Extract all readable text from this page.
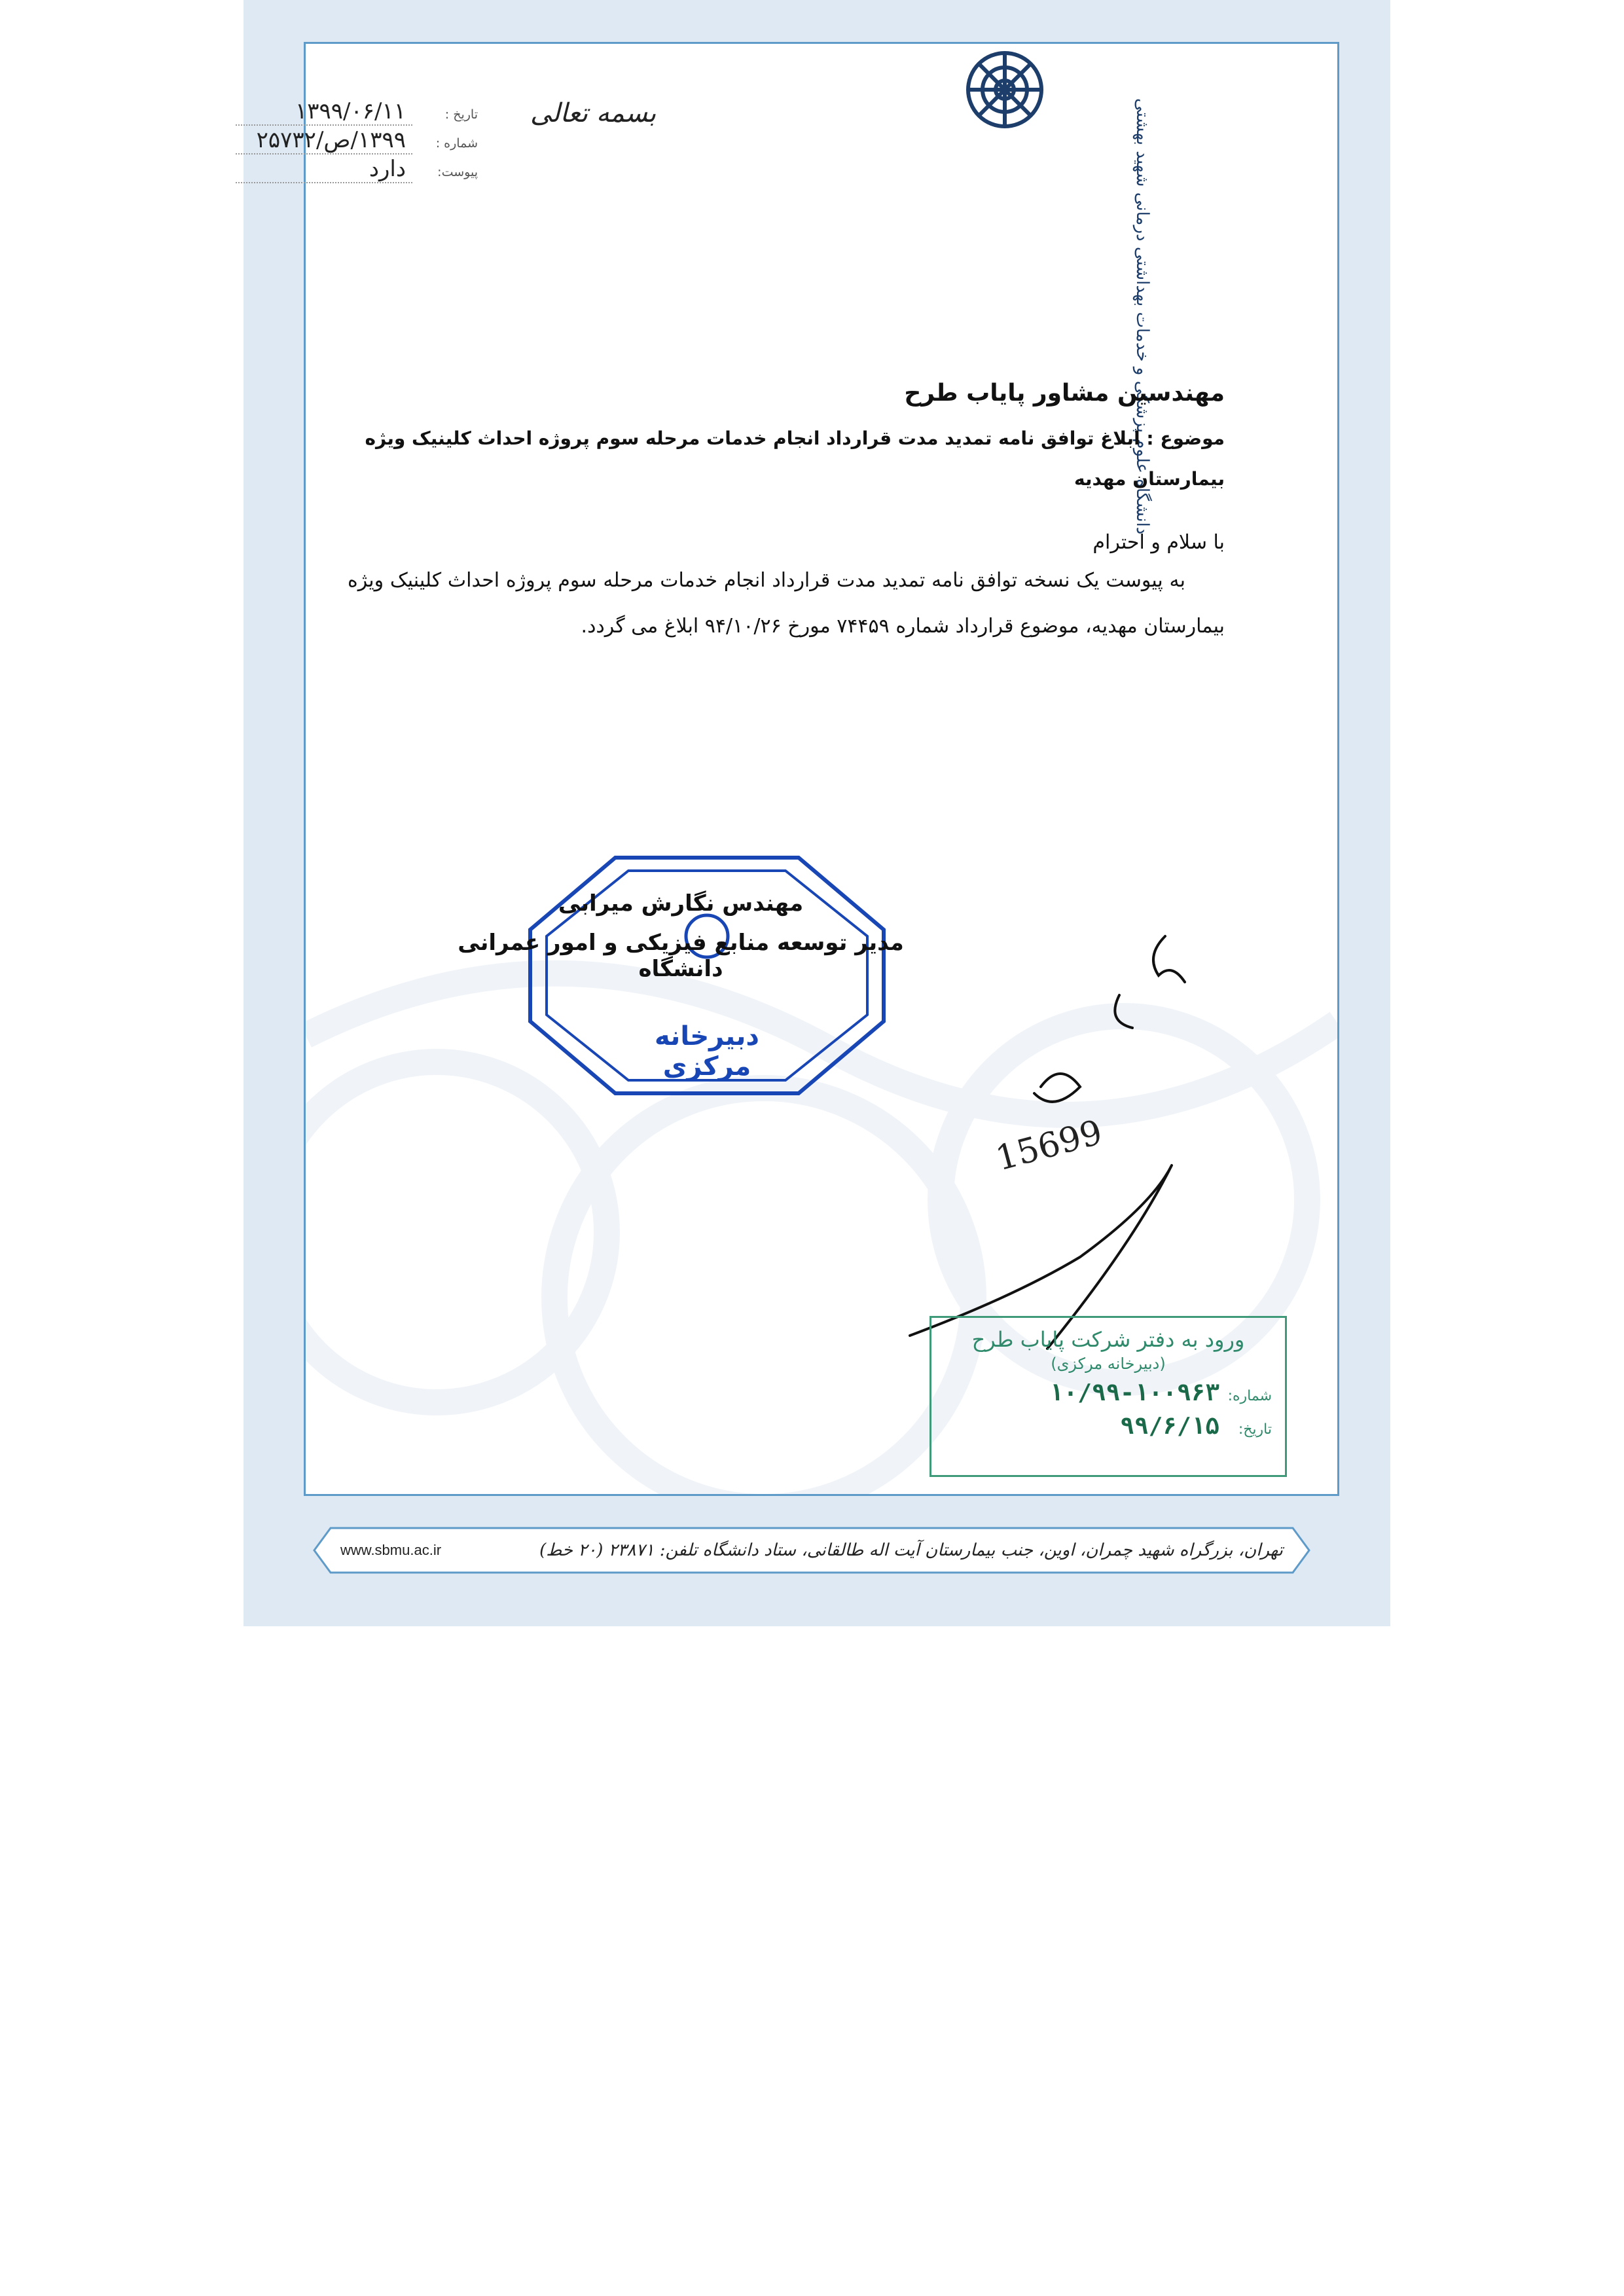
دانشگاه علوم پزشکی و خدمات بهداشتی درمانی شهید بهشتی
بسمه تعالی
تاریخ :
۱۳۹۹/۰۶/۱۱
شماره :
۱۳۹۹/ص/۲۵۷۳۲
پیوست:
دارد
مهندسین مشاور پایاب طرح
موضوع : ابلاغ توافق نامه تمدید مدت قرارداد انجام خدمات مرحله سوم پروژه احداث کلینیک ویژه بیمارستان مهدیه
با سلام و احترام
به پیوست یک نسخه توافق نامه تمدید مدت قرارداد انجام خدمات مرحله سوم پروژه احداث کلینیک ویژه بیمارستان مهدیه، موضوع قرارداد شماره ۷۴۴۵۹ مورخ ۹۴/۱۰/۲۶ ابلاغ می گردد.
دبیرخانه مرکزی
مهندس نگارش میرابی
مدیر توسعه منابع فیزیکی و امور عمرانی دانشگاه
15699
ورود به دفتر شرکت پایاب طرح
(دبیرخانه مرکزی)
شماره:
۱۰/۹۹-۱۰۰۹۶۳
تاریخ:
۹۹/۶/۱۵
تهران، بزرگراه شهید چمران، اوین، جنب بیمارستان آیت اله طالقانی، ستاد دانشگاه تلفن: ۲۳۸۷۱ (۲۰ خط)
www.sbmu.ac.ir
